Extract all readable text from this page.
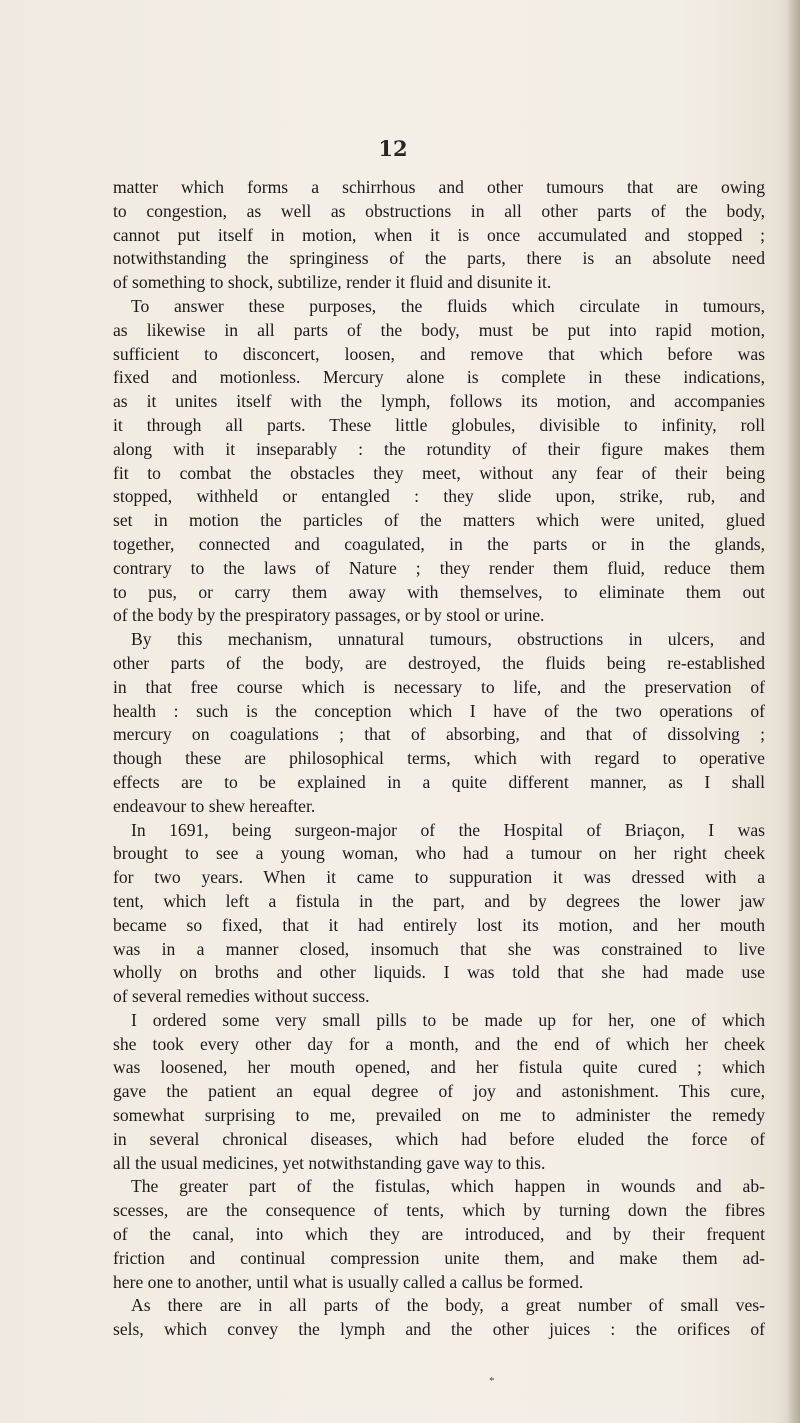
12

matter which forms a schirrhous and other tumours that are owing

to congestion, as well as obstructions in all other parts of the body,

cannot put itself in motion, when it is once accumulated and stopped ;

notwithstanding the springiness of the parts, there is an absolute need

of something to shock, subtilize, render it fluid and disunite it.

To answer these purposes, the fluids which circulate in tumours,

as likewise in all parts of the body, must be put into rapid motion,

sufficient to disconcert, loosen, and remove that which before was

fixed and motionless. Mercury alone is complete in these indications,

as it unites itself with the lymph, follows its motion, and accompanies

it through all parts. These little globules, divisible to infinity, roll

along with it inseparably : the rotundity of their figure makes them

fit to combat the obstacles they meet, without any fear of their being

stopped, withheld or entangled : they slide upon, strike, rub, and

set in motion the particles of the matters which were united, glued

together, connected and coagulated, in the parts or in the glands,

contrary to the laws of Nature ; they render them fluid, reduce them

to pus, or carry them away with themselves, to eliminate them out

of the body by the prespiratory passages, or by stool or urine.

By this mechanism, unnatural tumours, obstructions in ulcers, and

other parts of the body, are destroyed, the fluids being re-established

in that free course which is necessary to life, and the preservation of

health : such is the conception which I have of the two operations of

mercury on coagulations ; that of absorbing, and that of dissolving ;

though these are philosophical terms, which with regard to operative

effects are to be explained in a quite different manner, as I shall

endeavour to shew hereafter.

In 1691, being surgeon-major of the Hospital of Briaçon, I was

brought to see a young woman, who had a tumour on her right cheek

for two years. When it came to suppuration it was dressed with a

tent, which left a fistula in the part, and by degrees the lower jaw

became so fixed, that it had entirely lost its motion, and her mouth

was in a manner closed, insomuch that she was constrained to live

wholly on broths and other liquids. I was told that she had made use

of several remedies without success.

I ordered some very small pills to be made up for her, one of which

she took every other day for a month, and the end of which her cheek

was loosened, her mouth opened, and her fistula quite cured ; which

gave the patient an equal degree of joy and astonishment. This cure,

somewhat surprising to me, prevailed on me to administer the remedy

in several chronical diseases, which had before eluded the force of

all the usual medicines, yet notwithstanding gave way to this.

The greater part of the fistulas, which happen in wounds and ab-

scesses, are the consequence of tents, which by turning down the fibres

of the canal, into which they are introduced, and by their frequent

friction and continual compression unite them, and make them ad-

here one to another, until what is usually called a callus be formed.

As there are in all parts of the body, a great number of small ves-

sels, which convey the lymph and the other juices : the orifices of

*
